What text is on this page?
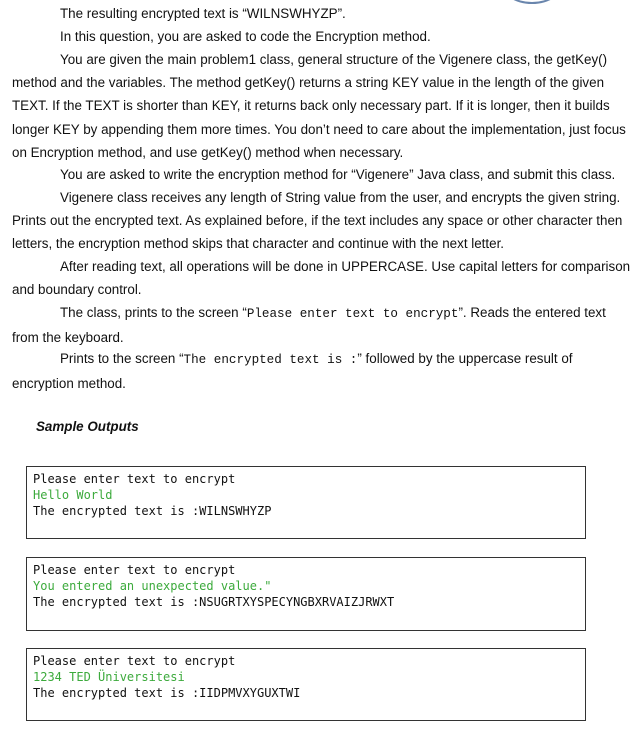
The resulting encrypted text is “WILNSWHYZP”.

In this question, you are asked to code the Encryption method.

You are given the main problem1 class, general structure of the Vigenere class, the getKey() method and the variables. The method getKey() returns a string KEY value in the length of the given TEXT. If the TEXT is shorter than KEY, it returns back only necessary part. If it is longer, then it builds longer KEY by appending them more times. You don’t need to care about the implementation, just focus on Encryption method, and use getKey() method when necessary.

You are asked to write the encryption method for “Vigenere” Java class, and submit this class.

Vigenere class receives any length of String value from the user, and encrypts the given string. Prints out the encrypted text. As explained before, if the text includes any space or other character then letters, the encryption method skips that character and continue with the next letter.

After reading text, all operations will be done in UPPERCASE. Use capital letters for comparison and boundary control.

The class, prints to the screen “Please enter text to encrypt”. Reads the entered text from the keyboard.

Prints to the screen “The encrypted text is :” followed by the uppercase result of encryption method.

Sample Outputs

Please enter text to encrypt
Hello World
The encrypted text is :WILNSWHYZP
Please enter text to encrypt
You entered an unexpected value."
The encrypted text is :NSUGRTXYSPECYNGBXRVAIZJRWXT
Please enter text to encrypt
1234 TED Üniversitesi
The encrypted text is :IIDPMVXYGUXTWI
